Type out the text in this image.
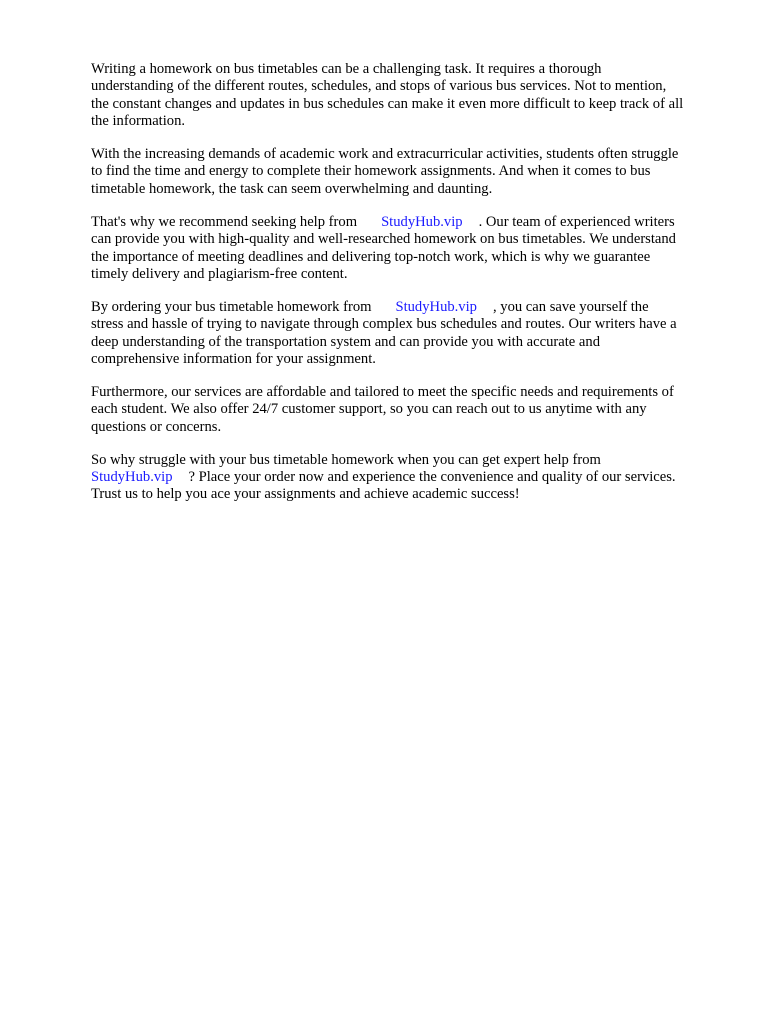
Writing a homework on bus timetables can be a challenging task. It requires a thorough
understanding of the different routes, schedules, and stops of various bus services. Not to mention,
the constant changes and updates in bus schedules can make it even more difficult to keep track of all
the information.

With the increasing demands of academic work and extracurricular activities, students often struggle
to find the time and energy to complete their homework assignments. And when it comes to bus
timetable homework, the task can seem overwhelming and daunting.

That's why we recommend seeking help from StudyHub.vip . Our team of experienced writers
can provide you with high-quality and well-researched homework on bus timetables. We understand
the importance of meeting deadlines and delivering top-notch work, which is why we guarantee
timely delivery and plagiarism-free content.

By ordering your bus timetable homework from StudyHub.vip , you can save yourself the
stress and hassle of trying to navigate through complex bus schedules and routes. Our writers have a
deep understanding of the transportation system and can provide you with accurate and
comprehensive information for your assignment.

Furthermore, our services are affordable and tailored to meet the specific needs and requirements of
each student. We also offer 24/7 customer support, so you can reach out to us anytime with any
questions or concerns.

So why struggle with your bus timetable homework when you can get expert help from
StudyHub.vip ? Place your order now and experience the convenience and quality of our services.
Trust us to help you ace your assignments and achieve academic success!
